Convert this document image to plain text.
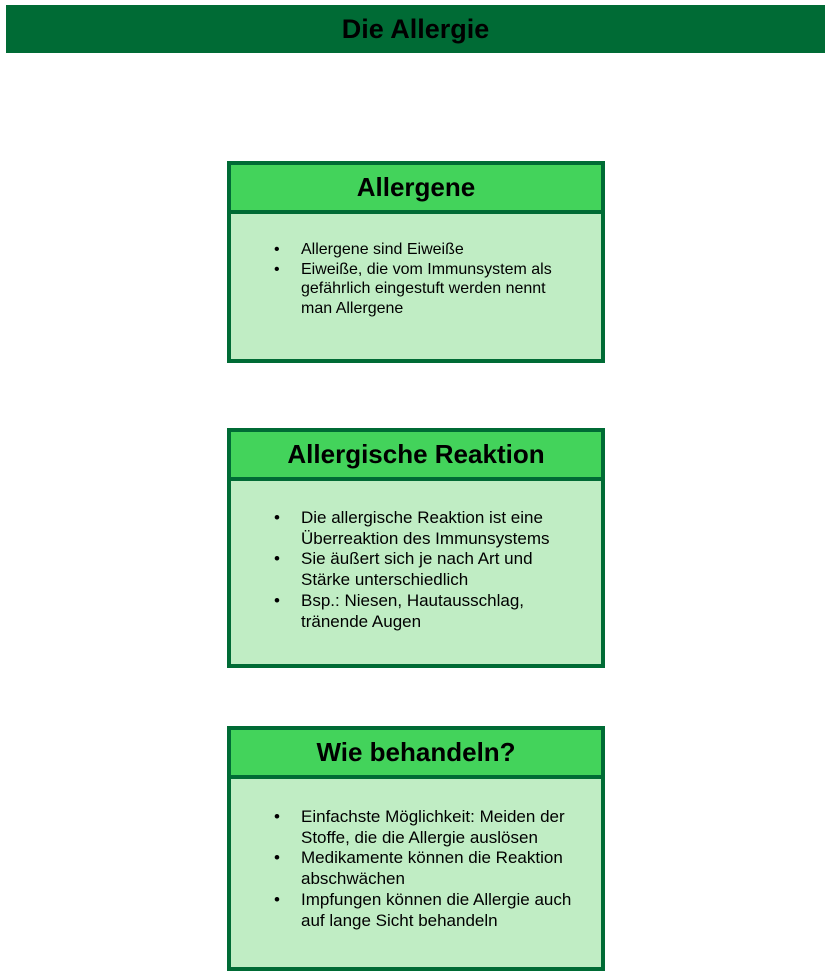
Die Allergie
Allergene
• Allergene sind Eiweiße
• Eiweiße, die vom Immunsystem als gefährlich eingestuft werden nennt man Allergene
Allergische Reaktion
• Die allergische Reaktion ist eine Überreaktion des Immunsystems
• Sie äußert sich je nach Art und Stärke unterschiedlich
• Bsp.: Niesen, Hautausschlag, tränende Augen
Wie behandeln?
• Einfachste Möglichkeit: Meiden der Stoffe, die die Allergie auslösen
• Medikamente können die Reaktion abschwächen
• Impfungen können die Allergie auch auf lange Sicht behandeln
